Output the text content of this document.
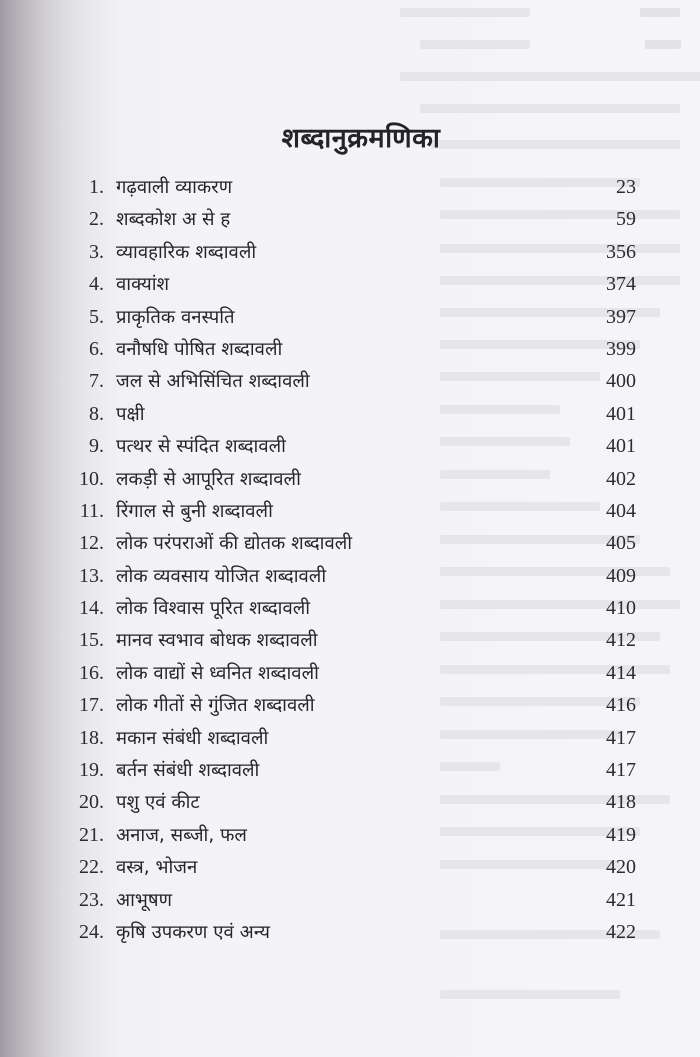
शब्दानुक्रमणिका
1. गढ़वाली व्याकरण	23
2. शब्दकोश अ से ह	59
3. व्यावहारिक शब्दावली	356
4. वाक्यांश	374
5. प्राकृतिक वनस्पति	397
6. वनौषधि पोषित शब्दावली	399
7. जल से अभिसिंचित शब्दावली	400
8. पक्षी	401
9. पत्थर से स्पंदित शब्दावली	401
10. लकड़ी से आपूरित शब्दावली	402
11. रिंगाल से बुनी शब्दावली	404
12. लोक परंपराओं की द्योतक शब्दावली	405
13. लोक व्यवसाय योजित शब्दावली	409
14. लोक विश्वास पूरित शब्दावली	410
15. मानव स्वभाव बोधक शब्दावली	412
16. लोक वाद्यों से ध्वनित शब्दावली	414
17. लोक गीतों से गुंजित शब्दावली	416
18. मकान संबंधी शब्दावली	417
19. बर्तन संबंधी शब्दावली	417
20. पशु एवं कीट	418
21. अनाज, सब्जी, फल	419
22. वस्त्र, भोजन	420
23. आभूषण	421
24. कृषि उपकरण एवं अन्य	422
